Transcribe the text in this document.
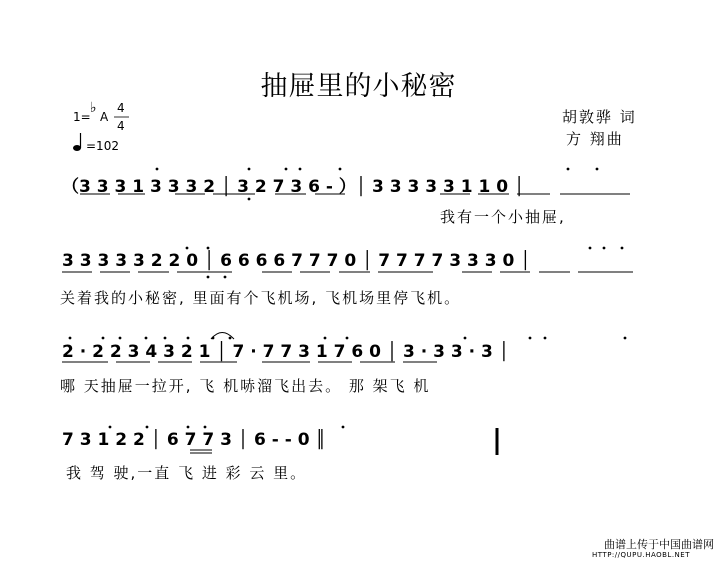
抽屉里的小秘密
1=
♭
A
4
4
=102
胡敦骅 词
方 翔曲
（3 3 3 1 3 3 3 2 │ 3 2 7 3 6 - ）│ 3 3 3 3 3 1 1 0 │
我有一个小抽屉,
3 3 3 3 3 2 2 0 │ 6 6 6 6 7 7 7 0 │ 7 7 7 7 3 3 3 0 │
关着我的小秘密, 里面有个飞机场, 飞机场里停飞机。
2 · 2 2 3 4 3 2 1 │ 7 · 7 7 3 1 7 6 0 │ 3 · 3 3 · 3 │
哪 天抽屉一拉开, 飞 机哧溜飞出去。 那 架飞 机
7 3 1 2 2 │ 6 7 7 3 │ 6 - - 0 ║
我 驾 驶,一直 飞 进 彩 云 里。
曲谱上传于中国曲谱网
HTTP://QUPU.HAOBL.NET
